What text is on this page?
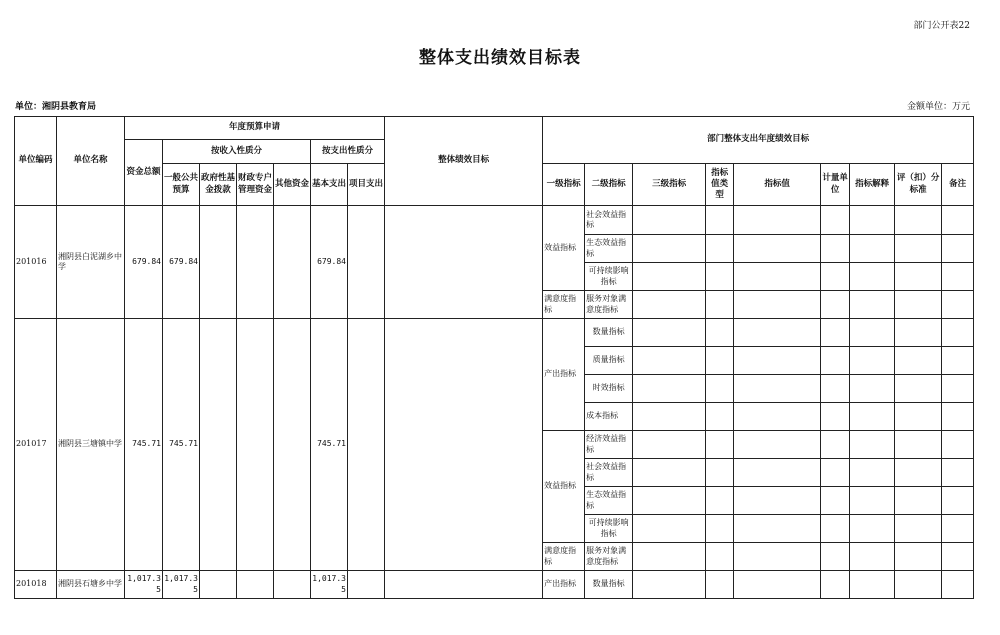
部门公开表22
整体支出绩效目标表
单位：湘阴县教育局	金额单位：万元
单位编码	单位名称	年度预算申请							整体绩效目标	部门整体支出年度绩效目标								
		资金总额	按收入性质分				按支出性质分											
			一般公共预算	政府性基金拨款	财政专户管理资金	其他资金	基本支出	项目支出		一级指标	二级指标	三级指标	指标值类型	指标值	计量单位	指标解释	评（扣）分标准	备注
201016	湘阴县白泥湖乡中学	679.84	679.84				679.84			效益指标	社会效益指标							
											生态效益指标							
											可持续影响指标							
										满意度指标	服务对象满意度指标							
201017	湘阴县三塘镇中学	745.71	745.71				745.71			产出指标	数量指标							
											质量指标							
											时效指标							
											成本指标							
										效益指标	经济效益指标							
											社会效益指标							
											生态效益指标							
											可持续影响指标							
										满意度指标	服务对象满意度指标							
201018	湘阴县石塘乡中学	1,017.35	1,017.35				1,017.35			产出指标	数量指标							
